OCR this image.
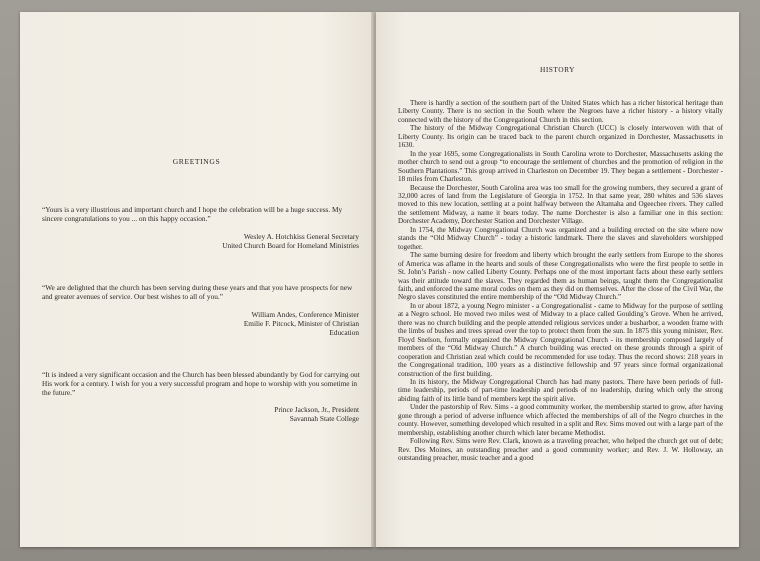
GREETINGS
“Yours is a very illustrious and important church and I hope the celebration will be a huge success. My sincere congratulations to you ... on this happy occasion.”
Wesley A. Hotchkiss General Secretary
United Church Board for Homeland Ministries
“We are delighted that the church has been serving during these years and that you have prospects for new and greater avenues of service. Our best wishes to all of you.”
William Andes, Conference Minister
Emilie F. Pitcock, Minister of Christian
Education
“It is indeed a very significant occasion and the Church has been blessed abundantly by God for carrying out His work for a century. I wish for you a very successful program and hope to worship with you sometime in the future.”
Prince Jackson, Jr., President
Savannah State College
HISTORY

There is hardly a section of the southern part of the United States which has a richer historical heritage than Liberty County. There is no section in the South where the Negroes have a richer history - a history vitally connected with the history of the Congregational Church in this section.

The history of the Midway Congregational Christian Church (UCC) is closely interwoven with that of Liberty County. Its origin can be traced back to the parent church organized in Dorchester, Massachusetts in 1630.

In the year 1695, some Congregationalists in South Carolina wrote to Dorchester, Massachusetts asking the mother church to send out a group “to encourage the settlement of churches and the promotion of religion in the Southern Plantations.” This group arrived in Charleston on December 19. They began a settlement - Dorchester - 18 miles from Charleston.

Because the Dorchester, South Carolina area was too small for the growing numbers, they secured a grant of 32,000 acres of land from the Legislature of Georgia in 1752. In that same year, 280 whites and 536 slaves moved to this new location, settling at a point halfway between the Altamaha and Ogeechee rivers. They called the settlement Midway, a name it bears today. The name Dorchester is also a familiar one in this section: Dorchester Academy, Dorchester Station and Dorchester Village.

In 1754, the Midway Congregational Church was organized and a building erected on the site where now stands the “Old Midway Church” - today a historic landmark. There the slaves and slaveholders worshipped together.

The same burning desire for freedom and liberty which brought the early settlers from Europe to the shores of America was aflame in the hearts and souls of these Congregationalists who were the first people to settle in St. John’s Parish - now called Liberty County. Perhaps one of the most important facts about these early settlers was their attitude toward the slaves. They regarded them as human beings, taught them the Congregationalist faith, and enforced the same moral codes on them as they did on themselves. After the close of the Civil War, the Negro slaves constituted the entire membership of the “Old Midway Church.”

In or about 1872, a young Negro minister - a Congregationalist - came to Midway for the purpose of settling at a Negro school. He moved two miles west of Midway to a place called Goulding’s Grove. When he arrived, there was no church building and the people attended religious services under a busharbor, a wooden frame with the limbs of bushes and trees spread over the top to protect them from the sun. In 1875 this young minister, Rev. Floyd Snelson, formally organized the Midway Congregational Church - its membership composed largely of members of the “Old Midway Church.” A church building was erected on these grounds through a spirit of cooperation and Christian zeal which could be recommended for use today. Thus the record shows: 218 years in the Congregational tradition, 100 years as a distinctive fellowship and 97 years since formal organizational construction of the first building.

In its history, the Midway Congregational Church has had many pastors. There have been periods of full-time leadership, periods of part-time leadership and periods of no leadership, during which only the strong abiding faith of its little band of members kept the spirit alive.

Under the pastorship of Rev. Sims - a good community worker, the membership started to grow, after having gone through a period of adverse influence which affected the memberships of all of the Negro churches in the county. However, something developed which resulted in a split and Rev. Sims moved out with a large part of the membership, establishing another church which later became Methodist.

Following Rev. Sims were Rev. Clark, known as a traveling preacher, who helped the church get out of debt; Rev. Des Moines, an outstanding preacher and a good community worker; and Rev. J. W. Holloway, an outstanding preacher, music teacher and a good
